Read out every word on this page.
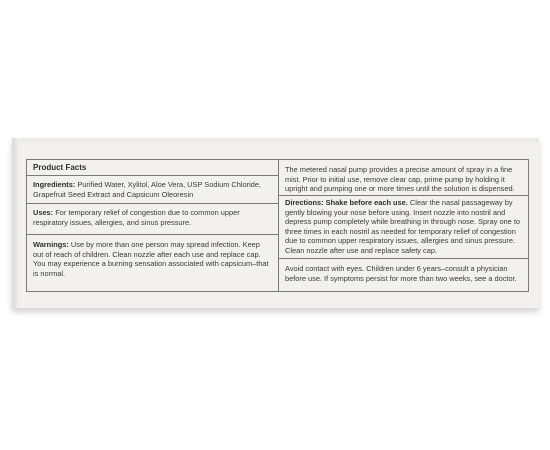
Product Facts
Ingredients: Purified Water, Xylitol, Aloe Vera, USP Sodium Chloride, Grapefruit Seed Extract and Capsicum Oleoresin
Uses: For temporary relief of congestion due to common upper respiratory issues, allergies, and sinus pressure.
Warnings: Use by more than one person may spread infection. Keep out of reach of children. Clean nozzle after each use and replace cap. You may experience a burning sensation associated with capsicum–that is normal.
The metered nasal pump provides a precise amount of spray in a fine mist. Prior to initial use, remove clear cap, prime pump by holding it upright and pumping one or more times until the solution is dispensed.
Directions: Shake before each use. Clear the nasal passageway by gently blowing your nose before using. Insert nozzle into nostril and depress pump completely while breathing in through nose. Spray one to three times in each nostril as needed for temporary relief of congestion due to common upper respiratory issues, allergies and sinus pressure. Clean nozzle after use and replace safety cap.
Avoid contact with eyes. Children under 6 years–consult a physician before use. If symptoms persist for more than two weeks, see a doctor.
